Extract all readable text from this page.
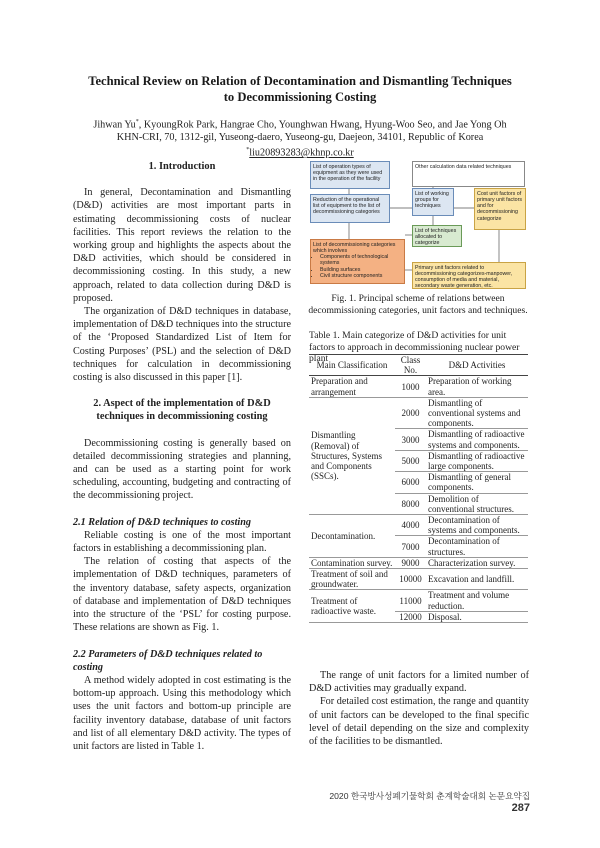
Technical Review on Relation of Decontamination and Dismantling Techniques
to Decommissioning Costing
Jihwan Yu*, KyoungRok Park, Hangrae Cho, Younghwan Hwang, Hyung-Woo Seo, and Jae Yong Oh
KHN-CRI, 70, 1312-gil, Yuseong-daero, Yuseong-gu, Daejeon, 34101, Republic of Korea
*liu20893283@khnp.co.kr
1. Introduction

In general, Decontamination and Dismantling (D&D) activities are most important parts in estimating decommissioning costs of nuclear facilities. This report reviews the relation to the working group and highlights the aspects about the D&D activities, which should be considered in decommissioning costing. In this study, a new approach, related to data collection during D&D is proposed.

The organization of D&D techniques in database, implementation of D&D techniques into the structure of the ‘Proposed Standardized List of Item for Costing Purposes’ (PSL) and the selection of D&D techniques for calculation in decommissioning costing is also discussed in this paper [1].

2. Aspect of the implementation of D&D
techniques in decommissioning costing

Decommissioning costing is generally based on detailed decommissioning strategies and planning, and can be used as a starting point for work scheduling, accounting, budgeting and contracting of the decommissioning project.

2.1 Relation of D&D techniques to costing

Reliable costing is one of the most important factors in establishing a decommissioning plan.

The relation of costing that aspects of the implementation of D&D techniques, parameters of the inventory database, safety aspects, organization of database and implementation of D&D techniques into the structure of the ‘PSL’ for costing purpose. These relations are shown as Fig. 1.

2.2 Parameters of D&D techniques related to costing

A method widely adopted in cost estimating is the bottom-up approach. Using this methodology which uses the unit factors and bottom-up principle are facility inventory database, database of unit factors and list of all elementary D&D activity. The types of unit factors are listed in Table 1.

List of operation types of equipment as they were used in the operation of the facility
Other calculation data related techniques
Reduction of the operational list of equipment to the list of decommissioning categories
List of working groups for techniques
Cost unit factors of primary unit factors and for decommissioning categorize
List of decommissioning categories which involves
• Components of technological systems
• Building surfaces
• Civil structure components
List of techniques allocated to categorize
Primary unit factors related to decommissioning categorizes-manpower, consumption of media and material, secondary waste generation, etc.
Fig. 1. Principal scheme of relations between
decommissioning categories, unit factors and techniques.
Table 1. Main categorize of D&D activities for unit factors to approach in decommissioning nuclear power plant
Main Classification	Class No.	D&D Activities
Preparation and arrangement	1000	Preparation of working area.
Dismantling (Removal) of Structures, Systems and Components (SSCs).	2000	Dismantling of conventional systems and components.
	3000	Dismantling of radioactive systems and components.
	5000	Dismantling of radioactive large components.
	6000	Dismantling of general components.
	8000	Demolition of conventional structures.
Decontamination.	4000	Decontamination of systems and components.
	7000	Decontamination of structures.
Contamination survey.	9000	Characterization survey.
Treatment of soil and groundwater.	10000	Excavation and landfill.
Treatment of radioactive waste.	11000	Treatment and volume reduction.
	12000	Disposal.

The range of unit factors for a limited number of D&D activities may gradually expand.

For detailed cost estimation, the range and quantity of unit factors can be developed to the final specific level of detail depending on the size and complexity of the facilities to be dismantled.

2020 한국방사성폐기물학회 춘계학술대회 논문요약집287
